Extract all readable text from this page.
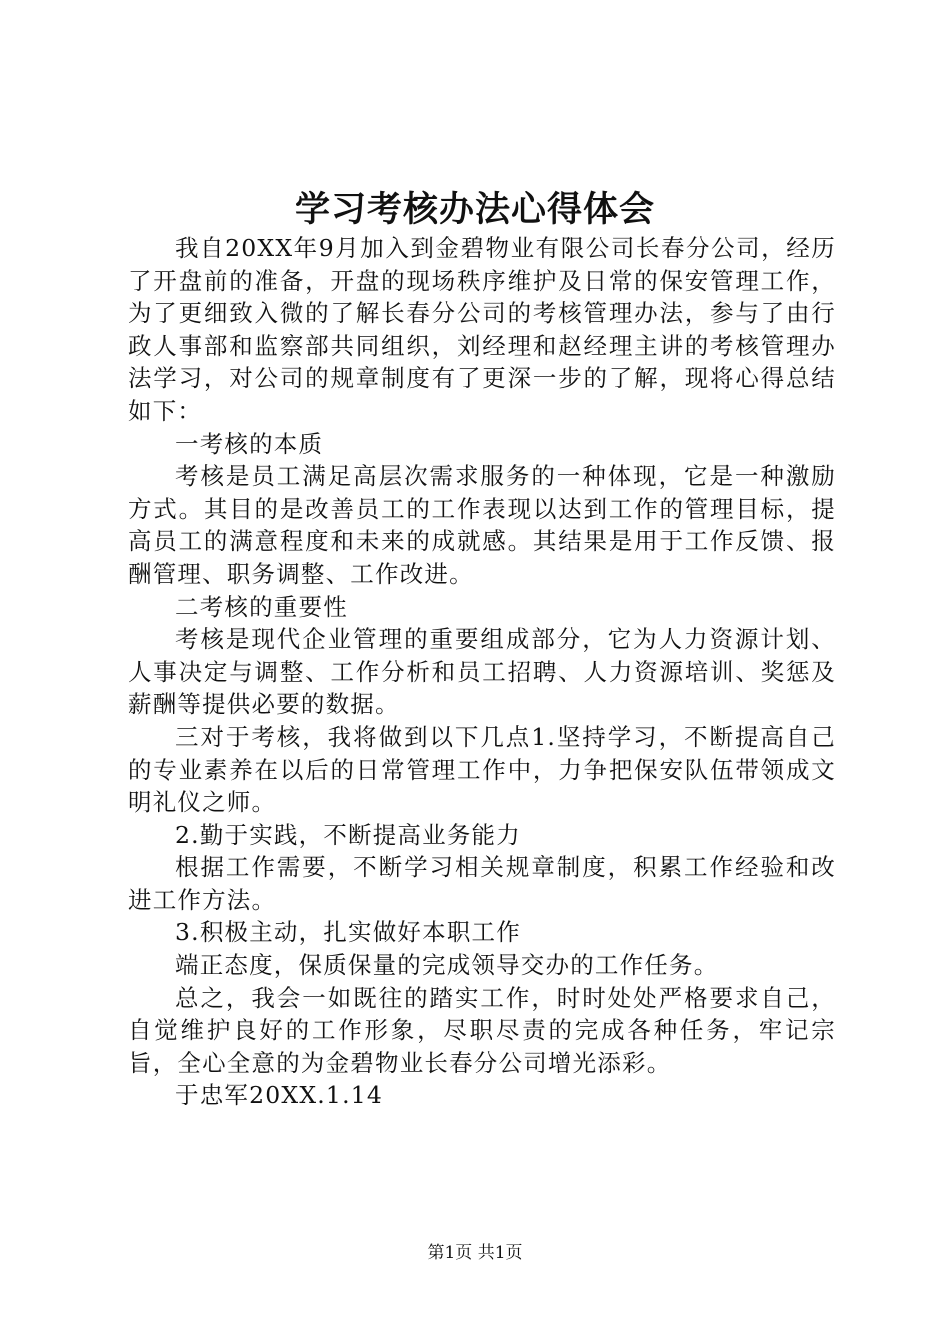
学习考核办法心得体会

我自20XX年9月加入到金碧物业有限公司长春分公司，经历了开盘前的准备，开盘的现场秩序维护及日常的保安管理工作，为了更细致入微的了解长春分公司的考核管理办法，参与了由行政人事部和监察部共同组织，刘经理和赵经理主讲的考核管理办法学习，对公司的规章制度有了更深一步的了解，现将心得总结如下：

一考核的本质

考核是员工满足高层次需求服务的一种体现，它是一种激励方式。其目的是改善员工的工作表现以达到工作的管理目标，提高员工的满意程度和未来的成就感。其结果是用于工作反馈、报酬管理、职务调整、工作改进。

二考核的重要性

考核是现代企业管理的重要组成部分，它为人力资源计划、人事决定与调整、工作分析和员工招聘、人力资源培训、奖惩及薪酬等提供必要的数据。

三对于考核，我将做到以下几点1.坚持学习，不断提高自己的专业素养在以后的日常管理工作中，力争把保安队伍带领成文明礼仪之师。

2.勤于实践，不断提高业务能力

根据工作需要，不断学习相关规章制度，积累工作经验和改进工作方法。

3.积极主动，扎实做好本职工作

端正态度，保质保量的完成领导交办的工作任务。

总之，我会一如既往的踏实工作，时时处处严格要求自己，自觉维护良好的工作形象，尽职尽责的完成各种任务，牢记宗旨，全心全意的为金碧物业长春分公司增光添彩。

于忠军20XX.1.14

第1页 共1页
